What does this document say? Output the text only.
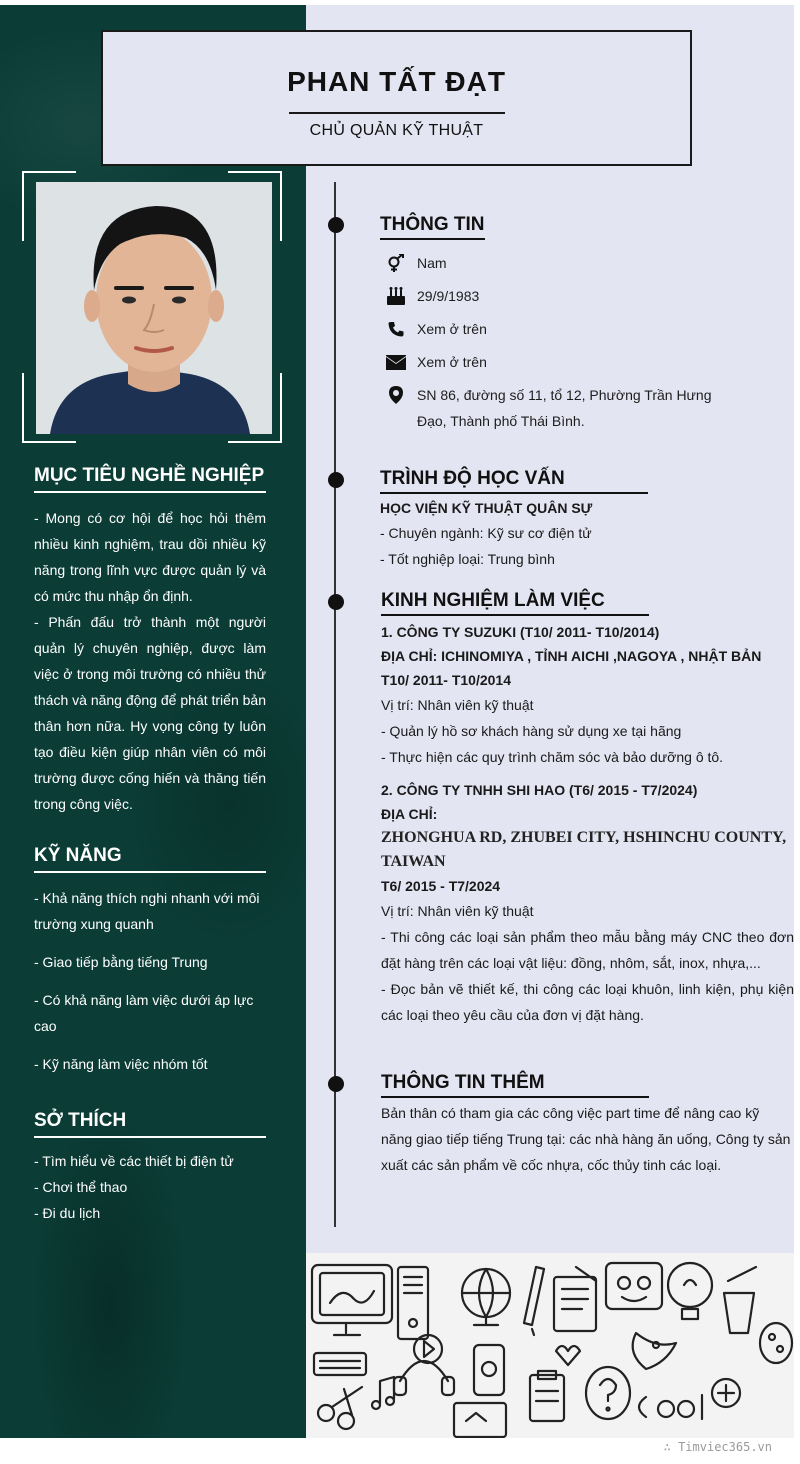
PHAN TẤT ĐẠT
CHỦ QUẢN KỸ THUẬT
MỤC TIÊU NGHỀ NGHIỆP

- Mong có cơ hội để học hỏi thêm nhiều kinh nghiệm, trau dồi nhiều kỹ năng trong lĩnh vực được quản lý và có mức thu nhập ổn định.

- Phấn đấu trở thành một người quản lý chuyên nghiệp, được làm việc ở trong môi trường có nhiều thử thách và năng động để phát triển bản thân hơn nữa. Hy vọng công ty luôn tạo điều kiện giúp nhân viên có môi trường được cống hiến và thăng tiến trong công việc.

KỸ NĂNG

- Khả năng thích nghi nhanh với môi trường xung quanh

- Giao tiếp bằng tiếng Trung

- Có khả năng làm việc dưới áp lực cao

- Kỹ năng làm việc nhóm tốt

SỞ THÍCH

- Tìm hiểu về các thiết bị điện tử

- Chơi thể thao

- Đi du lịch

THÔNG TIN
Nam
29/9/1983
Xem ở trên
Xem ở trên
SN 86, đường số 11, tổ 12, Phường Trần Hưng Đạo, Thành phố Thái Bình.
TRÌNH ĐỘ HỌC VẤN
HỌC VIỆN KỸ THUẬT QUÂN SỰ
- Chuyên ngành: Kỹ sư cơ điện tử
- Tốt nghiệp loại: Trung bình
KINH NGHIỆM LÀM VIỆC
1. CÔNG TY SUZUKI (T10/ 2011- T10/2014)
ĐỊA CHỈ: ICHINOMIYA , TỈNH AICHI ,NAGOYA , NHẬT BẢN
T10/ 2011- T10/2014
Vị trí: Nhân viên kỹ thuật
- Quản lý hồ sơ khách hàng sử dụng xe tại hãng
- Thực hiện các quy trình chăm sóc và bảo dưỡng ô tô.
2. CÔNG TY TNHH SHI HAO (T6/ 2015 - T7/2024)
ĐỊA CHỈ:
ZHONGHUA RD, ZHUBEI CITY, HSHINCHU COUNTY, TAIWAN
T6/ 2015 - T7/2024
Vị trí: Nhân viên kỹ thuật
- Thi công các loại sản phẩm theo mẫu bằng máy CNC theo đơn đặt hàng trên các loại vật liệu: đồng, nhôm, sắt, inox, nhựa,...
- Đọc bản vẽ thiết kế, thi công các loại khuôn, linh kiện, phụ kiện các loại theo yêu cầu của đơn vị đặt hàng.
THÔNG TIN THÊM
Bản thân có tham gia các công việc part time để nâng cao kỹ năng giao tiếp tiếng Trung tại: các nhà hàng ăn uống, Công ty sản xuất các sản phẩm về cốc nhựa, cốc thủy tinh các loại.
∴ Timviec365.vn
